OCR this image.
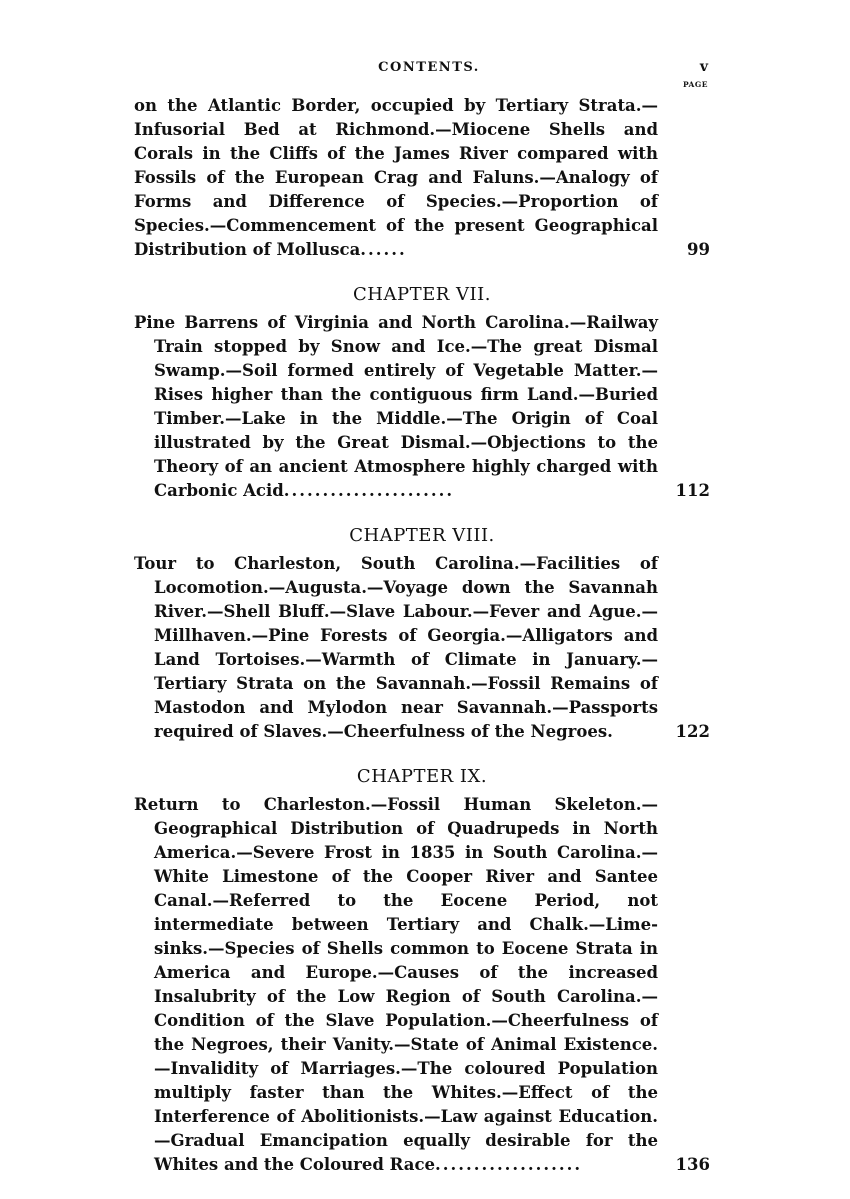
CONTENTS.	v
PAGE
on the Atlantic Border, occupied by Tertiary Strata.—Infusorial Bed at Richmond.—Miocene Shells and Corals in the Cliffs of the James River compared with Fossils of the European Crag and Faluns.—Analogy of Forms and Difference of Species.—Proportion of Species.—Commencement of the present Geographical Distribution of Mollusca......	99
CHAPTER VII.
Pine Barrens of Virginia and North Carolina.—Railway Train stopped by Snow and Ice.—The great Dismal Swamp.—Soil formed entirely of Vegetable Matter.—Rises higher than the contiguous firm Land.—Buried Timber.—Lake in the Middle.—The Origin of Coal illustrated by the Great Dismal.—Objections to the Theory of an ancient Atmosphere highly charged with Carbonic Acid......................	112
CHAPTER VIII.
Tour to Charleston, South Carolina.—Facilities of Locomotion.—Augusta.—Voyage down the Savannah River.—Shell Bluff.—Slave Labour.—Fever and Ague.—Millhaven.—Pine Forests of Georgia.—Alligators and Land Tortoises.—Warmth of Climate in January.—Tertiary Strata on the Savannah.—Fossil Remains of Mastodon and Mylodon near Savannah.—Passports required of Slaves.—Cheerfulness of the Negroes.	122
CHAPTER IX.
Return to Charleston.—Fossil Human Skeleton.—Geographical Distribution of Quadrupeds in North America.—Severe Frost in 1835 in South Carolina.—White Limestone of the Cooper River and Santee Canal.—Referred to the Eocene Period, not intermediate between Tertiary and Chalk.—Lime-sinks.—Species of Shells common to Eocene Strata in America and Europe.—Causes of the increased Insalubrity of the Low Region of South Carolina.—Condition of the Slave Population.—Cheerfulness of the Negroes, their Vanity.—State of Animal Existence.—Invalidity of Marriages.—The coloured Population multiply faster than the Whites.—Effect of the Interference of Abolitionists.—Law against Education.—Gradual Emancipation equally desirable for the Whites and the Coloured Race...................	136
